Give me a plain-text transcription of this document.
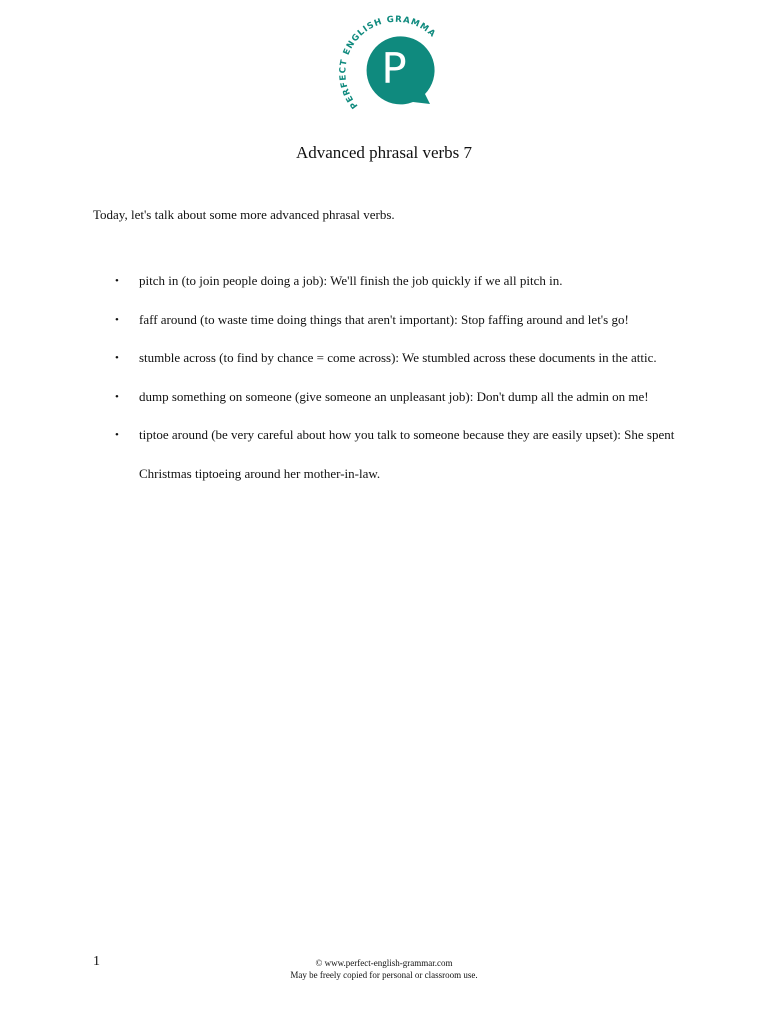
PERFECT ENGLISH GRAMMA
P
Advanced phrasal verbs 7
Today, let's talk about some more advanced phrasal verbs.
• pitch in (to join people doing a job): We'll finish the job quickly if we all pitch in.
• faff around (to waste time doing things that aren't important): Stop faffing around and let's go!
• stumble across (to find by chance = come across): We stumbled across these documents in the attic.
• dump something on someone (give someone an unpleasant job): Don't dump all the admin on me!
• tiptoe around (be very careful about how you talk to someone because they are easily upset): She spent Christmas tiptoeing around her mother-in-law.
1	© www.perfect-english-grammar.com
May be freely copied for personal or classroom use.
